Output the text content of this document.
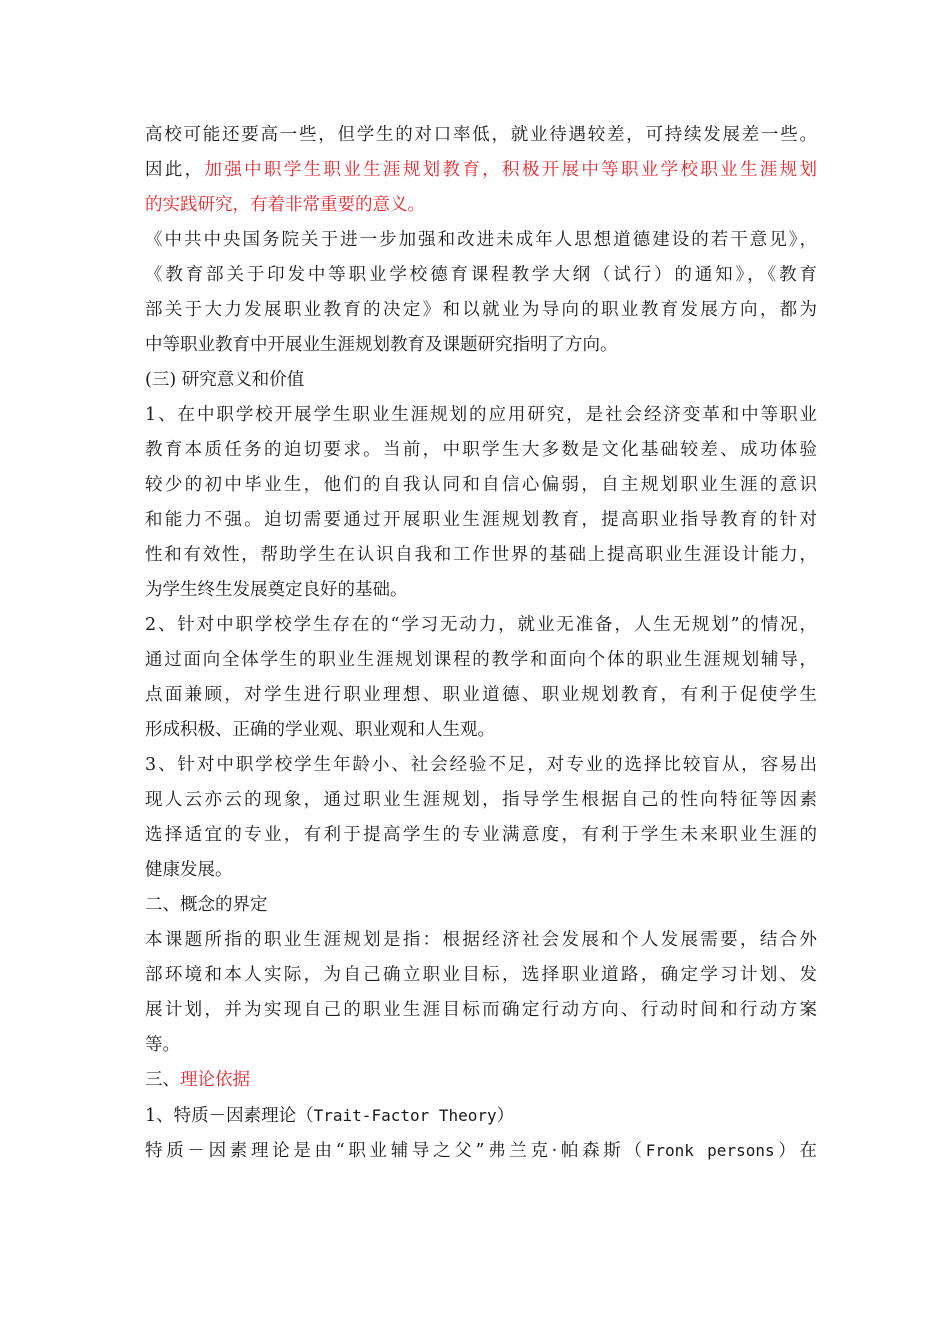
高校可能还要高一些，但学生的对口率低，就业待遇较差，可持续发展差一些。
因此，加强中职学生职业生涯规划教育，积极开展中等职业学校职业生涯规划
的实践研究，有着非常重要的意义。
《中共中央国务院关于进一步加强和改进未成年人思想道德建设的若干意见》，
《教育部关于印发中等职业学校德育课程教学大纲（试行）的通知》，《教育
部关于大力发展职业教育的决定》和以就业为导向的职业教育发展方向，都为
中等职业教育中开展业生涯规划教育及课题研究指明了方向。
(三) 研究意义和价值
1、在中职学校开展学生职业生涯规划的应用研究，是社会经济变革和中等职业
教育本质任务的迫切要求。当前，中职学生大多数是文化基础较差、成功体验
较少的初中毕业生，他们的自我认同和自信心偏弱，自主规划职业生涯的意识
和能力不强。迫切需要通过开展职业生涯规划教育，提高职业指导教育的针对
性和有效性，帮助学生在认识自我和工作世界的基础上提高职业生涯设计能力，
为学生终生发展奠定良好的基础。
2、针对中职学校学生存在的“学习无动力，就业无准备，人生无规划”的情况，
通过面向全体学生的职业生涯规划课程的教学和面向个体的职业生涯规划辅导，
点面兼顾，对学生进行职业理想、职业道德、职业规划教育，有利于促使学生
形成积极、正确的学业观、职业观和人生观。
3、针对中职学校学生年龄小、社会经验不足，对专业的选择比较盲从，容易出
现人云亦云的现象，通过职业生涯规划，指导学生根据自己的性向特征等因素
选择适宜的专业，有利于提高学生的专业满意度，有利于学生未来职业生涯的
健康发展。
二、概念的界定
本课题所指的职业生涯规划是指：根据经济社会发展和个人发展需要，结合外
部环境和本人实际，为自己确立职业目标，选择职业道路，确定学习计划、发
展计划，并为实现自己的职业生涯目标而确定行动方向、行动时间和行动方案
等。
三、理论依据
1、特质－因素理论（Trait-Factor Theory）
特质－因素理论是由“职业辅导之父”弗兰克·帕森斯（Fronk persons）在
